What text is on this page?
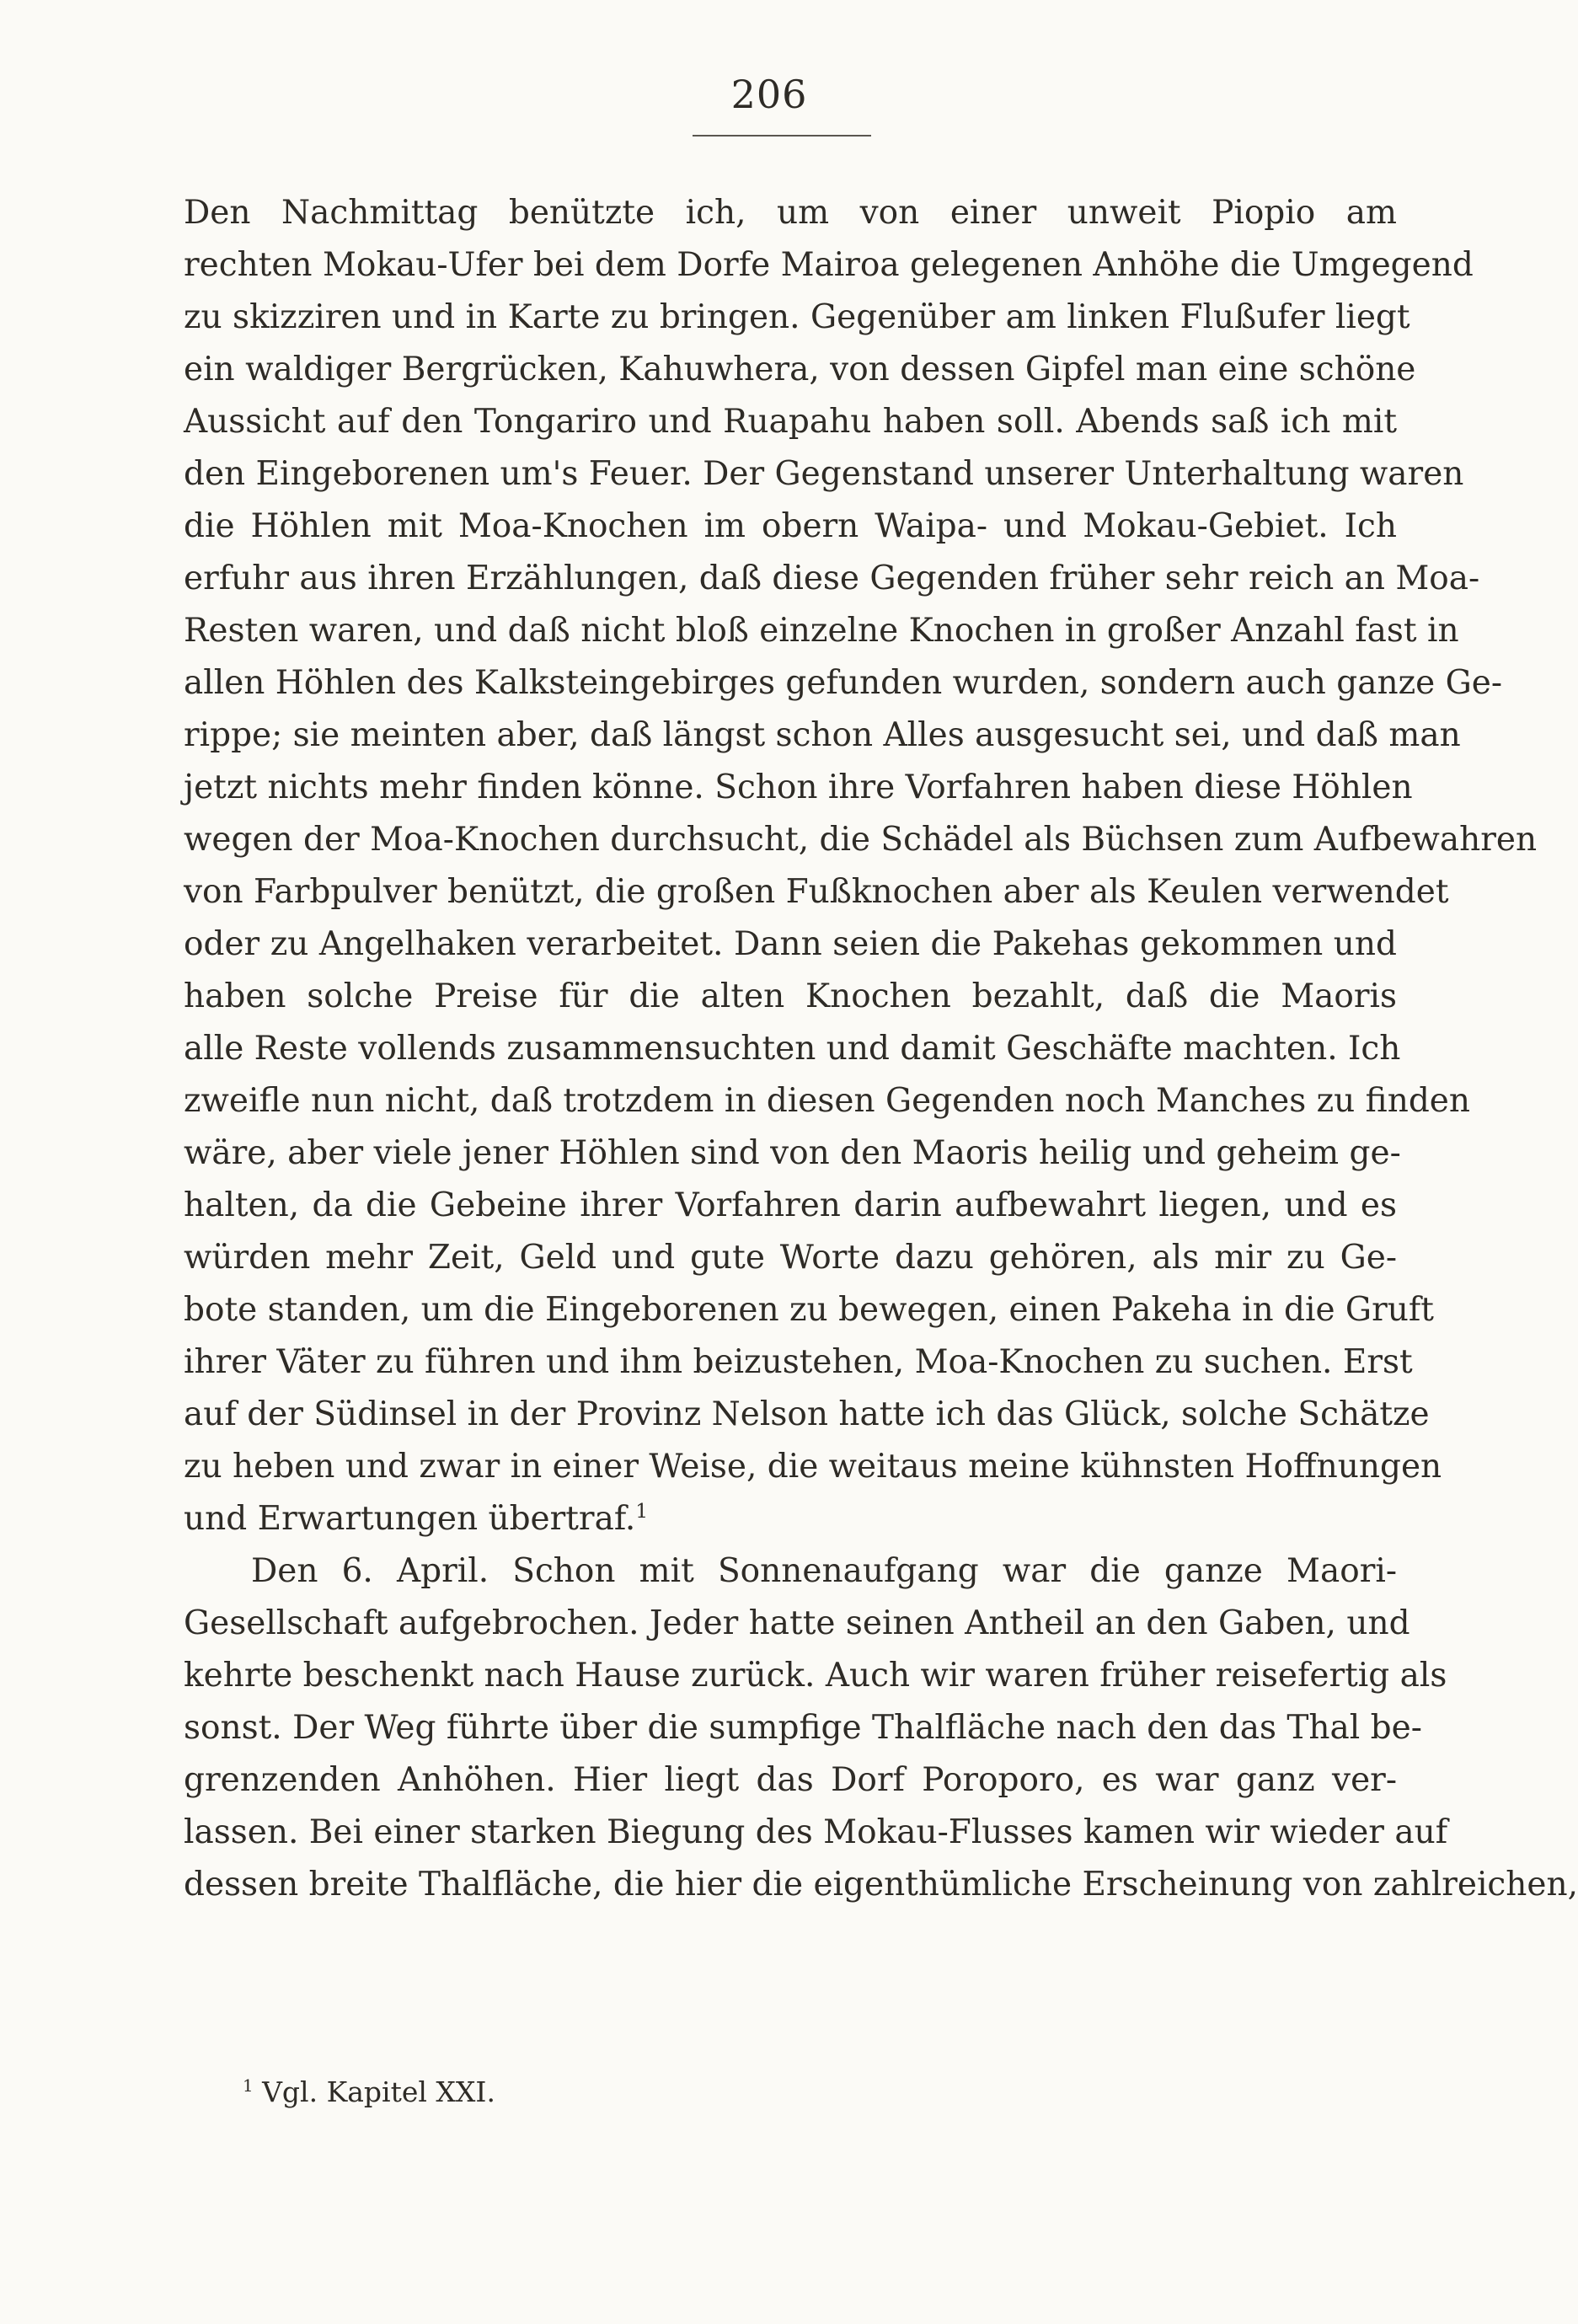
206
Den Nachmittag benützte ich, um von einer unweit Piopio am
rechten Mokau-Ufer bei dem Dorfe Mairoa gelegenen Anhöhe die Umgegend
zu skizziren und in Karte zu bringen. Gegenüber am linken Flußufer liegt
ein waldiger Bergrücken, Kahuwhera, von dessen Gipfel man eine schöne
Aussicht auf den Tongariro und Ruapahu haben soll. Abends saß ich mit
den Eingeborenen um's Feuer. Der Gegenstand unserer Unterhaltung waren
die Höhlen mit Moa-Knochen im obern Waipa- und Mokau-Gebiet. Ich
erfuhr aus ihren Erzählungen, daß diese Gegenden früher sehr reich an Moa-
Resten waren, und daß nicht bloß einzelne Knochen in großer Anzahl fast in
allen Höhlen des Kalksteingebirges gefunden wurden, sondern auch ganze Ge-
rippe; sie meinten aber, daß längst schon Alles ausgesucht sei, und daß man
jetzt nichts mehr finden könne. Schon ihre Vorfahren haben diese Höhlen
wegen der Moa-Knochen durchsucht, die Schädel als Büchsen zum Aufbewahren
von Farbpulver benützt, die großen Fußknochen aber als Keulen verwendet
oder zu Angelhaken verarbeitet. Dann seien die Pakehas gekommen und
haben solche Preise für die alten Knochen bezahlt, daß die Maoris
alle Reste vollends zusammensuchten und damit Geschäfte machten. Ich
zweifle nun nicht, daß trotzdem in diesen Gegenden noch Manches zu finden
wäre, aber viele jener Höhlen sind von den Maoris heilig und geheim ge-
halten, da die Gebeine ihrer Vorfahren darin aufbewahrt liegen, und es
würden mehr Zeit, Geld und gute Worte dazu gehören, als mir zu Ge-
bote standen, um die Eingeborenen zu bewegen, einen Pakeha in die Gruft
ihrer Väter zu führen und ihm beizustehen, Moa-Knochen zu suchen. Erst
auf der Südinsel in der Provinz Nelson hatte ich das Glück, solche Schätze
zu heben und zwar in einer Weise, die weitaus meine kühnsten Hoffnungen
und Erwartungen übertraf.$^1$
Den 6. April. Schon mit Sonnenaufgang war die ganze Maori-
Gesellschaft aufgebrochen. Jeder hatte seinen Antheil an den Gaben, und
kehrte beschenkt nach Hause zurück. Auch wir waren früher reisefertig als
sonst. Der Weg führte über die sumpfige Thalfläche nach den das Thal be-
grenzenden Anhöhen. Hier liegt das Dorf Poroporo, es war ganz ver-
lassen. Bei einer starken Biegung des Mokau-Flusses kamen wir wieder auf
dessen breite Thalfläche, die hier die eigenthümliche Erscheinung von zahlreichen,
$^1$ Vgl. Kapitel XXI.
